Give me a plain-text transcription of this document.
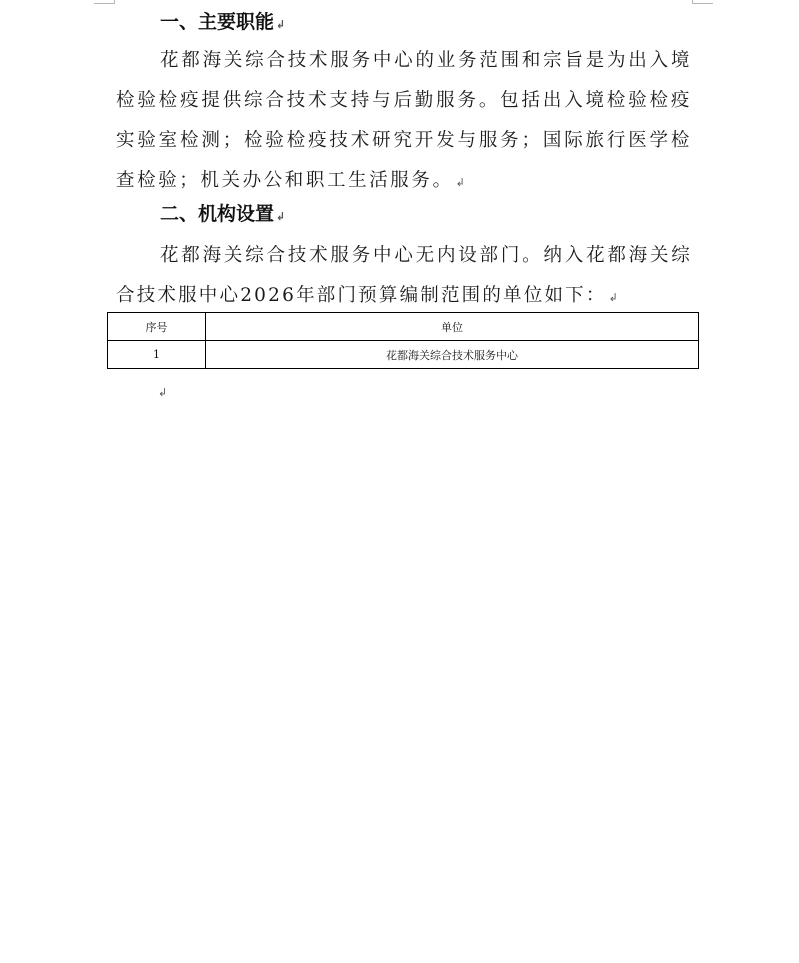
一、主要职能 ↲
花都海关综合技术服务中心的业务范围和宗旨是为出入境检验检疫提供综合技术支持与后勤服务。包括出入境检验检疫实验室检测；检验检疫技术研究开发与服务；国际旅行医学检查检验；机关办公和职工生活服务。 ↲
二、机构设置 ↲
花都海关综合技术服务中心无内设部门。纳入花都海关综合技术服中心2026年部门预算编制范围的单位如下： ↲
序号	单位
1	花都海关综合技术服务中心
↲
